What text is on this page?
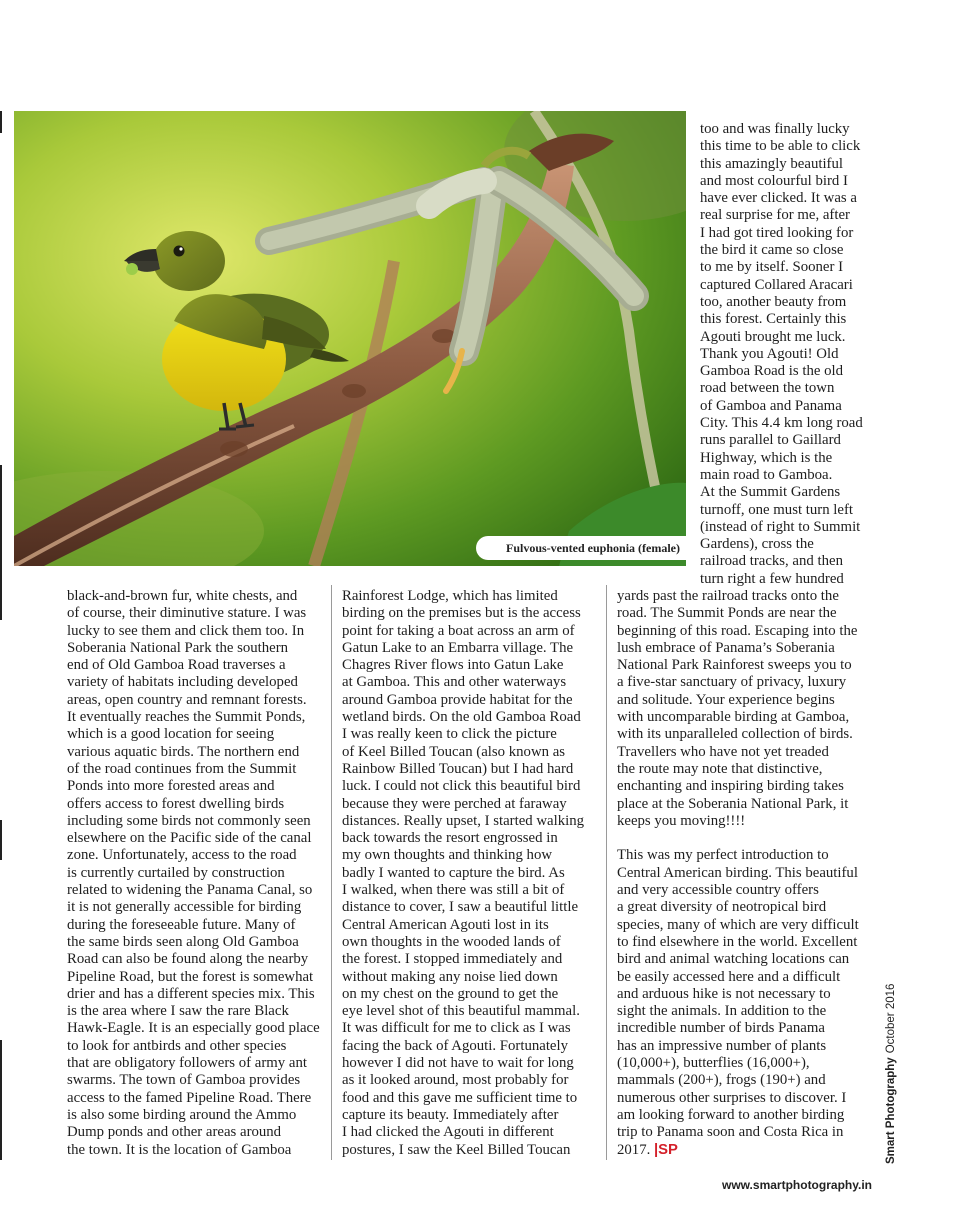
Fulvous-vented euphonia (female)
too and was finally lucky
this time to be able to click
this amazingly beautiful
and most colourful bird I
have ever clicked. It was a
real surprise for me, after
I had got tired looking for
the bird it came so close
to me by itself. Sooner I
captured Collared Aracari
too, another beauty from
this forest. Certainly this
Agouti brought me luck.
Thank you Agouti! Old
Gamboa Road is the old
road between the town
of Gamboa and Panama
City. This 4.4 km long road
runs parallel to Gaillard
Highway, which is the
main road to Gamboa.
At the Summit Gardens
turnoff, one must turn left
(instead of right to Summit
Gardens), cross the
railroad tracks, and then
turn right a few hundred
black-and-brown fur, white chests, and
of course, their diminutive stature. I was
lucky to see them and click them too. In
Soberania National Park the southern
end of Old Gamboa Road traverses a
variety of habitats including developed
areas, open country and remnant forests.
It eventually reaches the Summit Ponds,
which is a good location for seeing
various aquatic birds. The northern end
of the road continues from the Summit
Ponds into more forested areas and
offers access to forest dwelling birds
including some birds not commonly seen
elsewhere on the Pacific side of the canal
zone. Unfortunately, access to the road
is currently curtailed by construction
related to widening the Panama Canal, so
it is not generally accessible for birding
during the foreseeable future. Many of
the same birds seen along Old Gamboa
Road can also be found along the nearby
Pipeline Road, but the forest is somewhat
drier and has a different species mix. This
is the area where I saw the rare Black
Hawk-Eagle. It is an especially good place
to look for antbirds and other species
that are obligatory followers of army ant
swarms. The town of Gamboa provides
access to the famed Pipeline Road. There
is also some birding around the Ammo
Dump ponds and other areas around
the town. It is the location of Gamboa
Rainforest Lodge, which has limited
birding on the premises but is the access
point for taking a boat across an arm of
Gatun Lake to an Embarra village. The
Chagres River flows into Gatun Lake
at Gamboa. This and other waterways
around Gamboa provide habitat for the
wetland birds. On the old Gamboa Road
I was really keen to click the picture
of Keel Billed Toucan (also known as
Rainbow Billed Toucan) but I had hard
luck. I could not click this beautiful bird
because they were perched at faraway
distances. Really upset, I started walking
back towards the resort engrossed in
my own thoughts and thinking how
badly I wanted to capture the bird. As
I walked, when there was still a bit of
distance to cover, I saw a beautiful little
Central American Agouti lost in its
own thoughts in the wooded lands of
the forest. I stopped immediately and
without making any noise lied down
on my chest on the ground to get the
eye level shot of this beautiful mammal.
It was difficult for me to click as I was
facing the back of Agouti. Fortunately
however I did not have to wait for long
as it looked around, most probably for
food and this gave me sufficient time to
capture its beauty. Immediately after
I had clicked the Agouti in different
postures, I saw the Keel Billed Toucan
yards past the railroad tracks onto the
road. The Summit Ponds are near the
beginning of this road. Escaping into the
lush embrace of Panama’s Soberania
National Park Rainforest sweeps you to
a five-star sanctuary of privacy, luxury
and solitude. Your experience begins
with uncomparable birding at Gamboa,
with its unparalleled collection of birds.
Travellers who have not yet treaded
the route may note that distinctive,
enchanting and inspiring birding takes
place at the Soberania National Park, it
keeps you moving!!!!
This was my perfect introduction to
Central American birding. This beautiful
and very accessible country offers
a great diversity of neotropical bird
species, many of which are very difficult
to find elsewhere in the world. Excellent
bird and animal watching locations can
be easily accessed here and a difficult
and arduous hike is not necessary to
sight the animals. In addition to the
incredible number of birds Panama
has an impressive number of plants
(10,000+), butterflies (16,000+),
mammals (200+), frogs (190+) and
numerous other surprises to discover. I
am looking forward to another birding
trip to Panama soon and Costa Rica in
2017. |SP	Smart PhotographyOctober 2016
www.smartphotography.in
